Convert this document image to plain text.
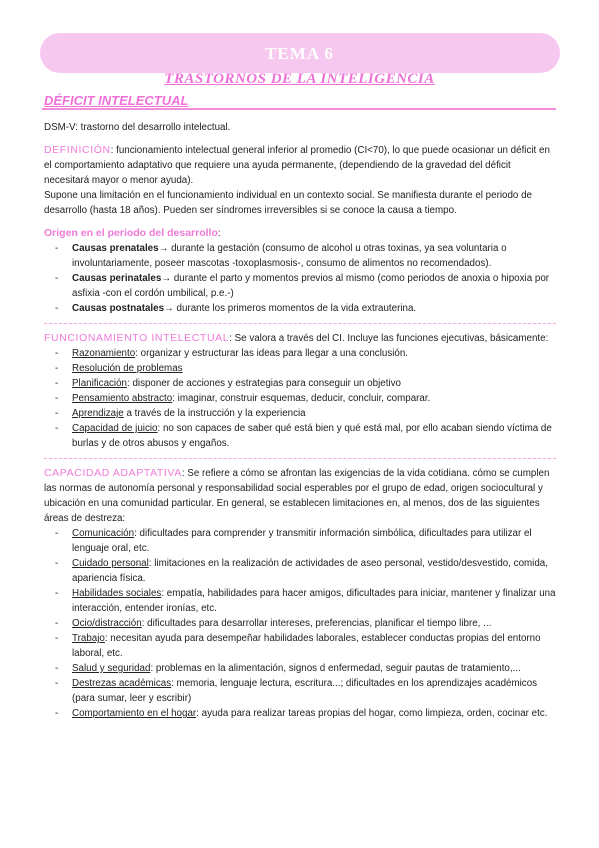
TEMA 6
TRASTORNOS DE LA INTELIGENCIA
DÉFICIT INTELECTUAL

DSM-V: trastorno del desarrollo intelectual.

DEFINICIÓN: funcionamiento intelectual general inferior al promedio (CI<70), lo que puede ocasionar un déficit en el comportamiento adaptativo que requiere una ayuda permanente, (dependiendo de la gravedad del déficit necesitará mayor o menor ayuda).

Supone una limitación en el funcionamiento individual en un contexto social. Se manifiesta durante el periodo de desarrollo (hasta 18 años). Pueden ser síndromes irreversibles si se conoce la causa a tiempo.

Origen en el periodo del desarrollo:

- Causas prenatales→ durante la gestación (consumo de alcohol u otras toxinas, ya sea voluntaria o involuntariamente, poseer mascotas -toxoplasmosis-, consumo de alimentos no recomendados).
- Causas perinatales→ durante el parto y momentos previos al mismo (como periodos de anoxia o hipoxia por asfixia -con el cordón umbilical, p.e.-)
- Causas postnatales→ durante los primeros momentos de la vida extrauterina.

FUNCIONAMIENTO INTELECTUAL: Se valora a través del CI. Incluye las funciones ejecutivas, básicamente:

- Razonamiento: organizar y estructurar las ideas para llegar a una conclusión.
- Resolución de problemas
- Planificación: disponer de acciones y estrategias para conseguir un objetivo
- Pensamiento abstracto: imaginar, construir esquemas, deducir, concluir, comparar.
- Aprendizaje a través de la instrucción y la experiencia
- Capacidad de juicio: no son capaces de saber qué está bien y qué está mal, por ello acaban siendo víctima de burlas y de otros abusos y engaños.

CAPACIDAD ADAPTATIVA: Se refiere a cómo se afrontan las exigencias de la vida cotidiana. cómo se cumplen las normas de autonomía personal y responsabilidad social esperables por el grupo de edad, origen sociocultural y ubicación en una comunidad particular. En general, se establecen limitaciones en, al menos, dos de las siguientes áreas de destreza:

- Comunicación: dificultades para comprender y transmitir información simbólica, dificultades para utilizar el lenguaje oral, etc.
- Cuidado personal: limitaciones en la realización de actividades de aseo personal, vestido/desvestido, comida, apariencia física.
- Habilidades sociales: empatía, habilidades para hacer amigos, dificultades para iniciar, mantener y finalizar una interacción, entender ironías, etc.
- Ocio/distracción: dificultades para desarrollar intereses, preferencias, planificar el tiempo libre, ...
- Trabajo: necesitan ayuda para desempeñar habilidades laborales, establecer conductas propias del entorno laboral, etc.
- Salud y seguridad: problemas en la alimentación, signos d enfermedad, seguir pautas de tratamiento,...
- Destrezas académicas: memoria, lenguaje lectura, escritura...; dificultades en los aprendizajes académicos (para sumar, leer y escribir)
- Comportamiento en el hogar: ayuda para realizar tareas propias del hogar, como limpieza, orden, cocinar etc.
